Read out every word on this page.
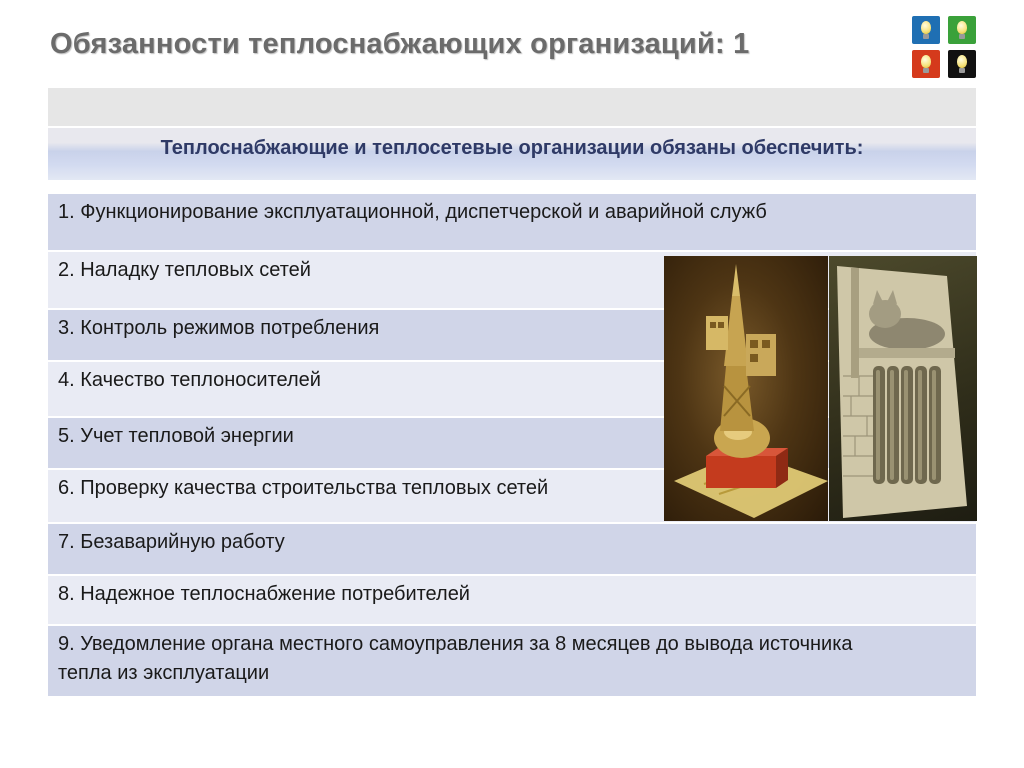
Обязанности теплоснабжающих организаций: 1
Теплоснабжающие и теплосетевые организации обязаны обеспечить:
1. Функционирование эксплуатационной, диспетчерской и аварийной служб
2. Наладку тепловых сетей
3. Контроль режимов потребления
4. Качество теплоносителей
5. Учет тепловой энергии
6. Проверку качества строительства тепловых сетей
7. Безаварийную работу
8. Надежное теплоснабжение потребителей
9. Уведомление органа местного самоуправления за 8 месяцев до вывода источника тепла из эксплуатации
